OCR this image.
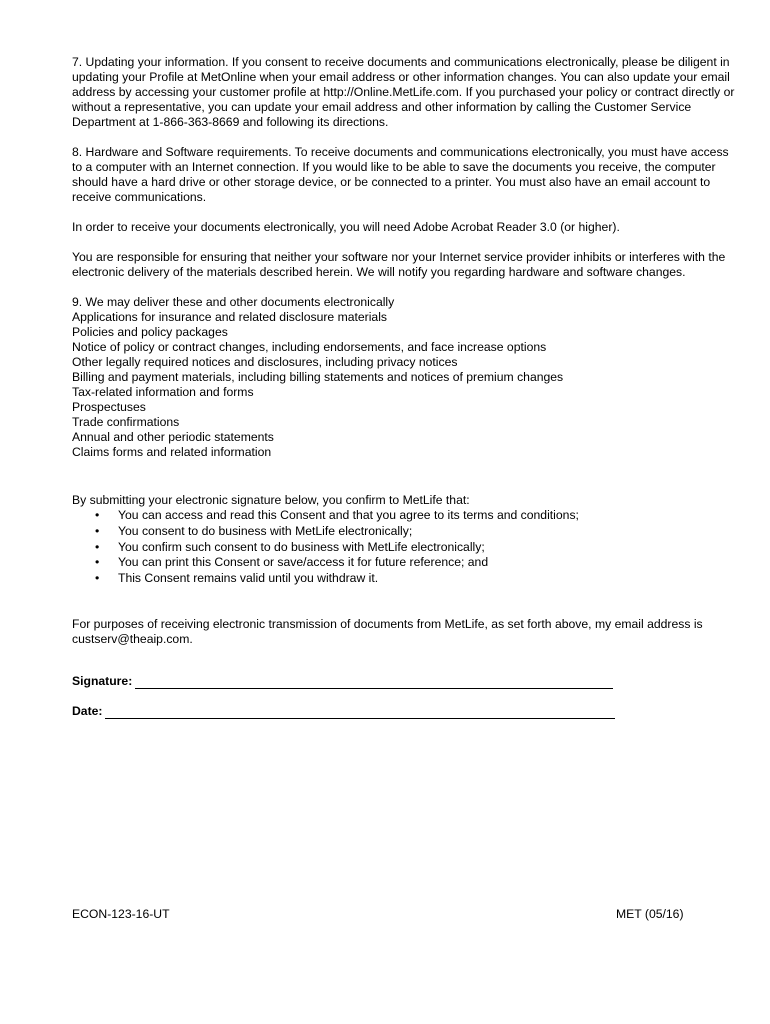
7. Updating your information. If you consent to receive documents and communications electronically, please be diligent in updating your Profile at MetOnline when your email address or other information changes. You can also update your email address by accessing your customer profile at http://Online.MetLife.com. If you purchased your policy or contract directly or without a representative, you can update your email address and other information by calling the Customer Service Department at 1-866-363-8669 and following its directions.

8. Hardware and Software requirements. To receive documents and communications electronically, you must have access to a computer with an Internet connection. If you would like to be able to save the documents you receive, the computer should have a hard drive or other storage device, or be connected to a printer. You must also have an email account to receive communications.

In order to receive your documents electronically, you will need Adobe Acrobat Reader 3.0 (or higher).

You are responsible for ensuring that neither your software nor your Internet service provider inhibits or interferes with the electronic delivery of the materials described herein. We will notify you regarding hardware and software changes.

9. We may deliver these and other documents electronically
Applications for insurance and related disclosure materials
Policies and policy packages
Notice of policy or contract changes, including endorsements, and face increase options
Other legally required notices and disclosures, including privacy notices
Billing and payment materials, including billing statements and notices of premium changes
Tax-related information and forms
Prospectuses
Trade confirmations
Annual and other periodic statements
Claims forms and related information

By submitting your electronic signature below, you confirm to MetLife that:

• You can access and read this Consent and that you agree to its terms and conditions;
• You consent to do business with MetLife electronically;
• You confirm such consent to do business with MetLife electronically;
• You can print this Consent or save/access it for future reference; and
• This Consent remains valid until you withdraw it.

For purposes of receiving electronic transmission of documents from MetLife, as set forth above, my email address is custserv@theaip.com.

Signature:
Date:
ECON-123-16-UT	MET (05/16)
